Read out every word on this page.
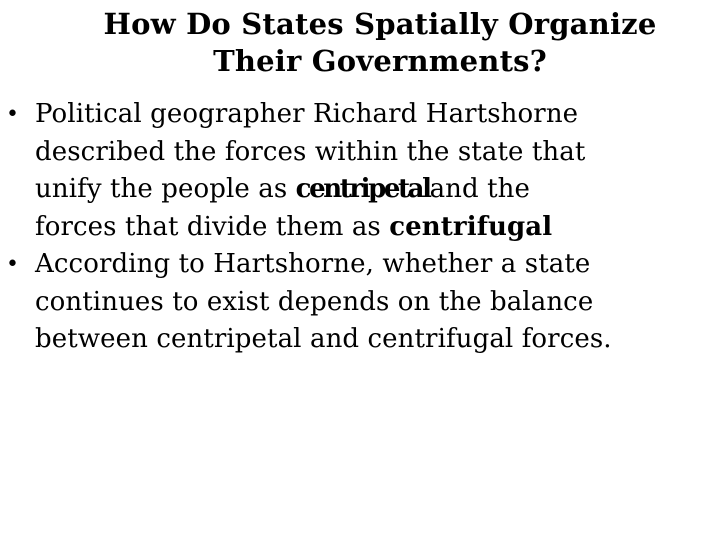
How Do States Spatially Organize
Their Governments?
• Political geographer Richard Hartshorne
described the forces within the state that
unify the people as centripetaland the
forces that divide them as centrifugal
• According to Hartshorne, whether a state
continues to exist depends on the balance
between centripetal and centrifugal forces.
